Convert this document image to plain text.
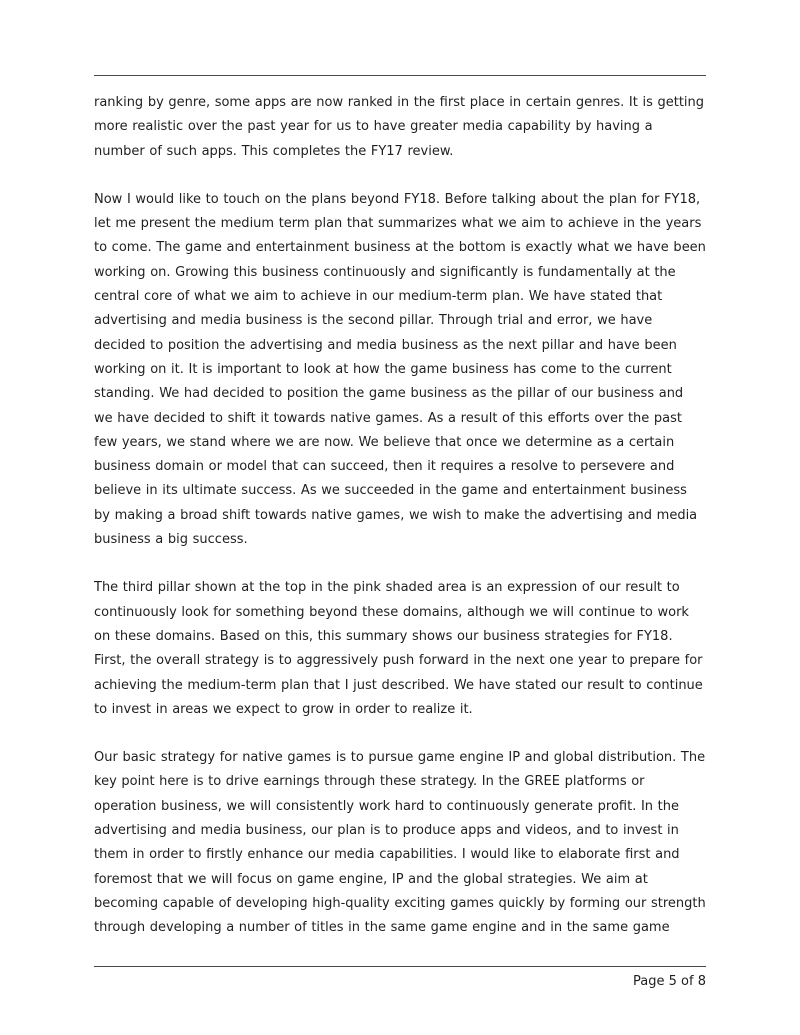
ranking by genre, some apps are now ranked in the first place in certain genres. It is getting more realistic over the past year for us to have greater media capability by having a number of such apps. This completes the FY17 review.

Now I would like to touch on the plans beyond FY18. Before talking about the plan for FY18, let me present the medium term plan that summarizes what we aim to achieve in the years to come. The game and entertainment business at the bottom is exactly what we have been working on. Growing this business continuously and significantly is fundamentally at the central core of what we aim to achieve in our medium-term plan. We have stated that advertising and media business is the second pillar. Through trial and error, we have decided to position the advertising and media business as the next pillar and have been working on it. It is important to look at how the game business has come to the current standing. We had decided to position the game business as the pillar of our business and we have decided to shift it towards native games. As a result of this efforts over the past few years, we stand where we are now. We believe that once we determine as a certain business domain or model that can succeed, then it requires a resolve to persevere and believe in its ultimate success. As we succeeded in the game and entertainment business by making a broad shift towards native games, we wish to make the advertising and media business a big success.

The third pillar shown at the top in the pink shaded area is an expression of our result to continuously look for something beyond these domains, although we will continue to work on these domains. Based on this, this summary shows our business strategies for FY18. First, the overall strategy is to aggressively push forward in the next one year to prepare for achieving the medium-term plan that I just described. We have stated our result to continue to invest in areas we expect to grow in order to realize it.

Our basic strategy for native games is to pursue game engine IP and global distribution. The key point here is to drive earnings through these strategy. In the GREE platforms or operation business, we will consistently work hard to continuously generate profit. In the advertising and media business, our plan is to produce apps and videos, and to invest in them in order to firstly enhance our media capabilities. I would like to elaborate first and foremost that we will focus on game engine, IP and the global strategies. We aim at becoming capable of developing high-quality exciting games quickly by forming our strength through developing a number of titles in the same game engine and in the same game

Page 5 of 8
